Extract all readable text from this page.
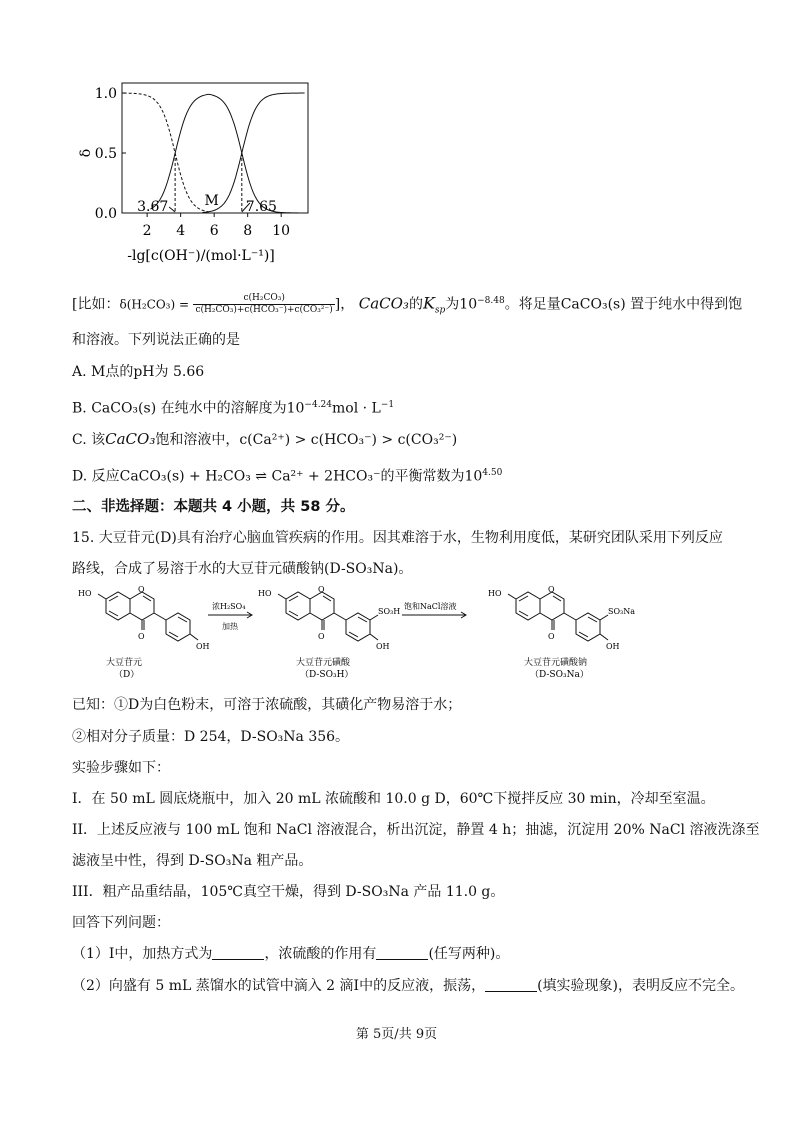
0.0
0.5
1.0
2 4 6 8 10
δ
-lg[c(OH⁻)/(mol·L⁻¹)]
3.67	7.65
M
[比如：$\delta(H_2CO_3) = \frac{\text{c(H₂CO₃)}}{\text{c(H₂CO₃)+c(HCO₃⁻)+c(CO₃²⁻)}}$ ]， CaCO₃的$K_{sp}$为$10^{-8.48}$。将足量CaCO₃(s) 置于纯水中得到饱
和溶液。下列说法正确的是
A. M点的pH为 5.66
B. CaCO₃(s) 在纯水中的溶解度为$10^{-4.24}mol \cdot L^{-1}$
C. 该CaCO₃饱和溶液中，c(Ca²⁺) > c(HCO₃⁻) > c(CO₃²⁻)
D. 反应CaCO₃(s) + H₂CO₃ ⇌ Ca²⁺ + 2HCO₃⁻的平衡常数为$10^{4.50}$
二、非选择题：本题共 4 小题，共 58 分。
15. 大豆苷元(D)具有治疗心脑血管疾病的作用。因其难溶于水，生物利用度低，某研究团队采用下列反应
路线，合成了易溶于水的大豆苷元磺酸钠(D-SO₃Na)。
HO	O
O
OH
浓H₂SO₄
加热
HO	O
O
SO₃H
OH
饱和NaCl溶液
HO	O
O
SO₃Na
OH
大豆苷元
（D）
大豆苷元磺酸
（D-SO₃H）
大豆苷元磺酸钠
（D-SO₃Na）
已知：①D为白色粉末，可溶于浓硫酸，其磺化产物易溶于水；
②相对分子质量：D 254，D-SO₃Na 356。
实验步骤如下：
I．在 50 mL 圆底烧瓶中，加入 20 mL 浓硫酸和 10.0 g D，60℃下搅拌反应 30 min，冷却至室温。
II．上述反应液与 100 mL 饱和 NaCl 溶液混合，析出沉淀，静置 4 h；抽滤，沉淀用 20% NaCl 溶液洗涤至
滤液呈中性，得到 D-SO₃Na 粗产品。
III．粗产品重结晶，105℃真空干燥，得到 D-SO₃Na 产品 11.0 g。
回答下列问题：
（1）I中，加热方式为	，浓硫酸的作用有	(任写两种)。
（2）向盛有 5 mL 蒸馏水的试管中滴入 2 滴I中的反应液，振荡，	(填实验现象)，表明反应不完全。
第 5页/共 9页
